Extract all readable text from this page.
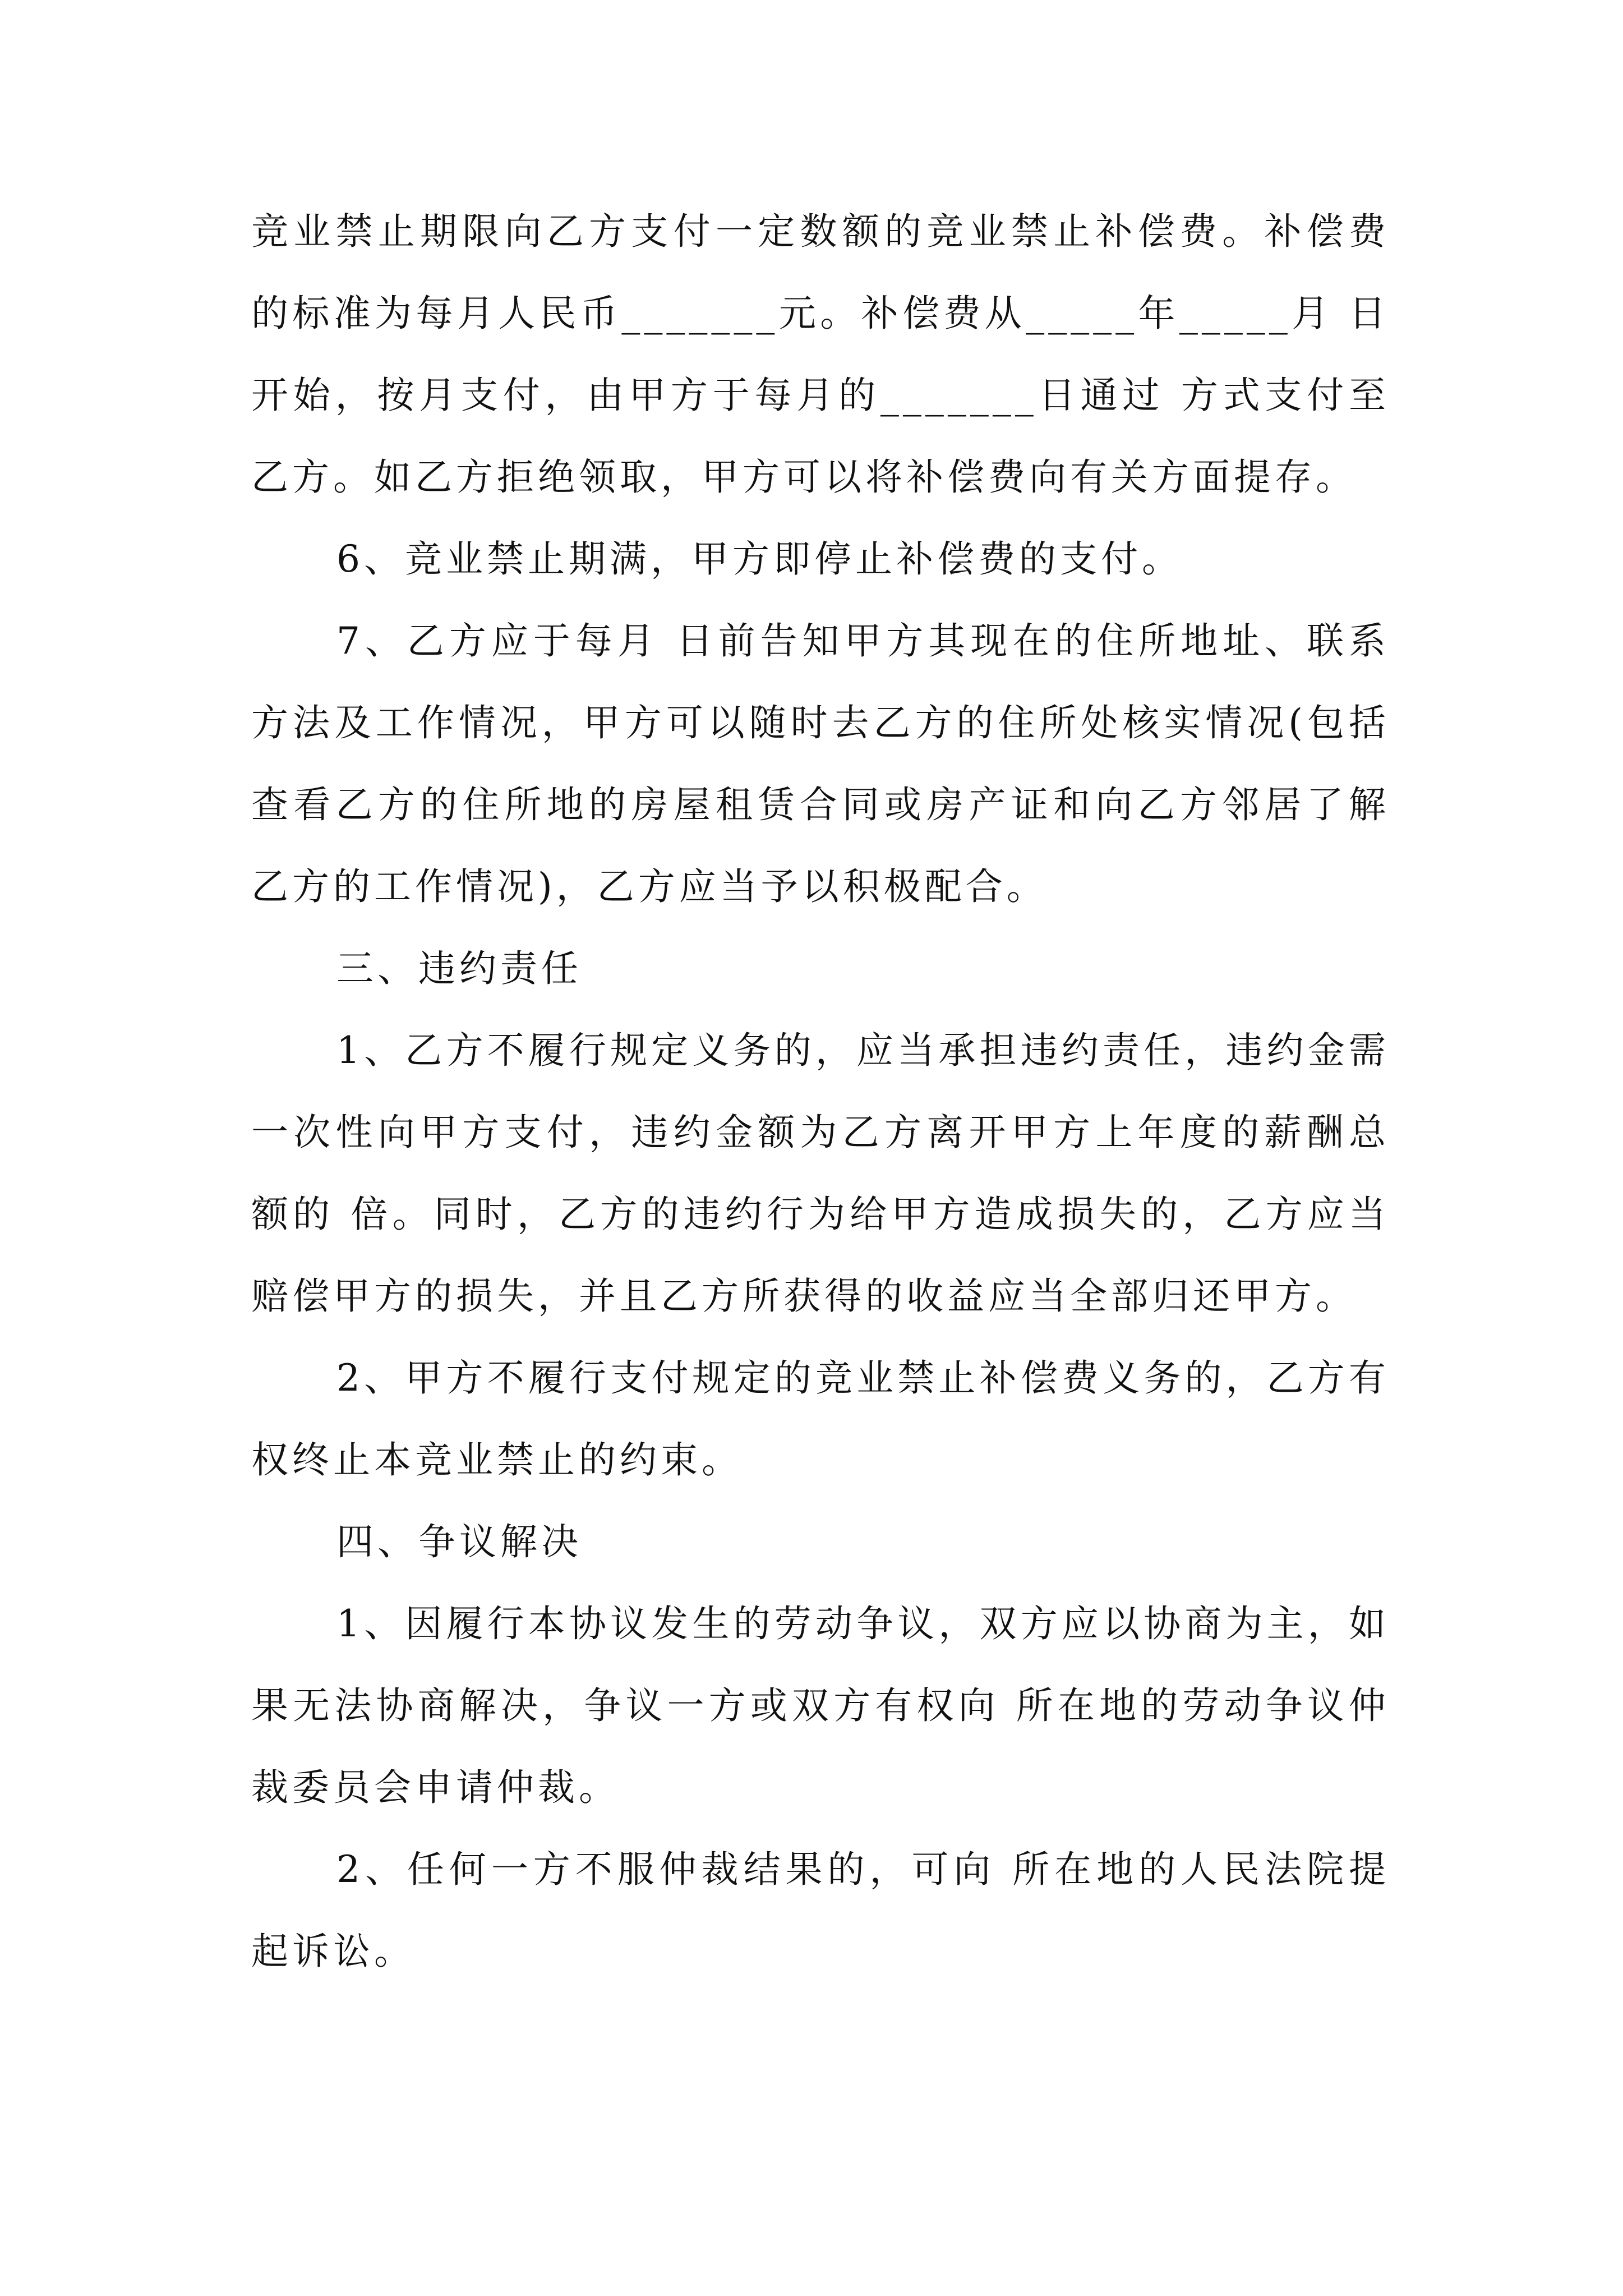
竞业禁止期限向乙方支付一定数额的竞业禁止补偿费。补偿费的标准为每月人民币_______元。补偿费从_____年_____月 日开始，按月支付，由甲方于每月的_______日通过 方式支付至乙方。如乙方拒绝领取，甲方可以将补偿费向有关方面提存。

6、竞业禁止期满，甲方即停止补偿费的支付。

7、乙方应于每月 日前告知甲方其现在的住所地址、联系方法及工作情况，甲方可以随时去乙方的住所处核实情况(包括查看乙方的住所地的房屋租赁合同或房产证和向乙方邻居了解乙方的工作情况)，乙方应当予以积极配合。

三、违约责任

1、乙方不履行规定义务的，应当承担违约责任，违约金需一次性向甲方支付，违约金额为乙方离开甲方上年度的薪酬总额的 倍。同时，乙方的违约行为给甲方造成损失的，乙方应当赔偿甲方的损失，并且乙方所获得的收益应当全部归还甲方。

2、甲方不履行支付规定的竞业禁止补偿费义务的，乙方有权终止本竞业禁止的约束。

四、争议解决

1、因履行本协议发生的劳动争议，双方应以协商为主，如果无法协商解决，争议一方或双方有权向 所在地的劳动争议仲裁委员会申请仲裁。

2、任何一方不服仲裁结果的，可向 所在地的人民法院提起诉讼。
